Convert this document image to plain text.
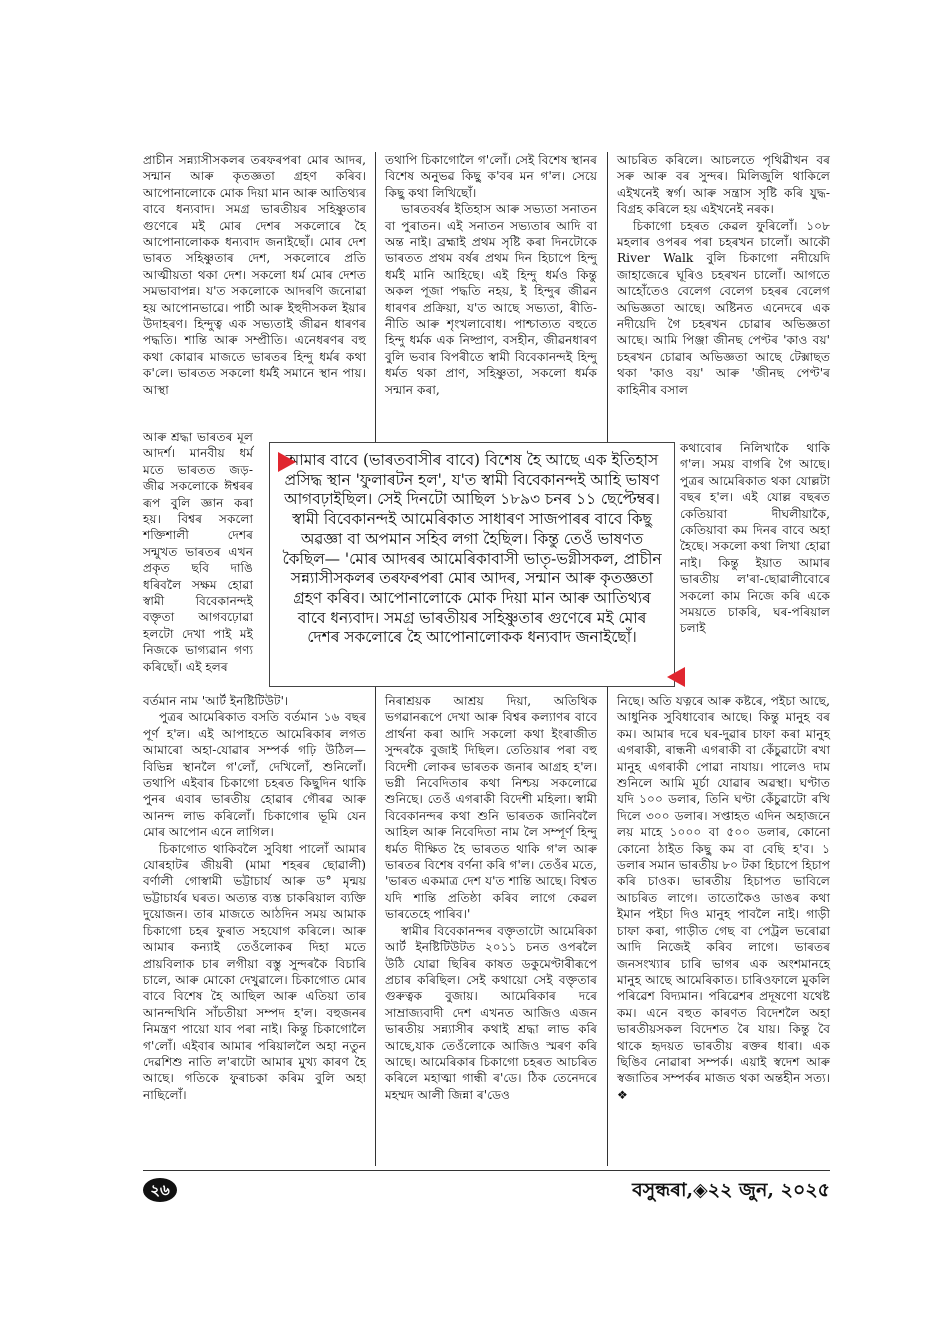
প্ৰাচীন সন্ন্যাসীসকলৰ তৰফৰপৰা মোৰ আদৰ, সন্মান আৰু কৃতজ্ঞতা গ্ৰহণ কৰিব। আপোনালোকে মোক দিয়া মান আৰু আতিথ্যৰ বাবে ধন্যবাদ। সমগ্ৰ ভাৰতীয়ৰ সহিষ্ণুতাৰ গুণেৰে মই মোৰ দেশৰ সকলোৰে হৈ আপোনালোকক ধন্যবাদ জনাইছোঁ। মোৰ দেশ ভাৰত সহিষ্ণুতাৰ দেশ, সকলোৰে প্ৰতি আত্মীয়তা থকা দেশ। সকলো ধৰ্ম মোৰ দেশত সমভাবাপন্ন। য'ত সকলোকে আদৰণি জনোৱা হয় আপোনভাৱে। পাৰ্চী আৰু ইহুদীসকল ইয়াৰ উদাহৰণ। হিন্দুত্ব এক সভ্যতাই জীৱন ধাৰণৰ পদ্ধতি। শান্তি আৰু সম্প্ৰীতি। এনেধৰণৰ বহু কথা কোৱাৰ মাজতে ভাৰতৰ হিন্দু ধৰ্মৰ কথা ক'লে। ভাৰতত সকলো ধৰ্মই সমানে স্থান পায়। আস্থা

আৰু শ্ৰদ্ধা ভাৰতৰ মূল আদৰ্শ। মানবীয় ধৰ্ম মতে ভাৰতত জড়-জীৱ সকলোকে ঈশ্বৰৰ ৰূপ বুলি জ্ঞান কৰা হয়। বিশ্বৰ সকলো শক্তিশালী দেশৰ সন্মুখত ভাৰতৰ এখন প্ৰকৃত ছবি দাঙি ধৰিবলৈ সক্ষম হোৱা স্বামী বিবেকানন্দই বক্তৃতা আগবঢ়োৱা হলটো দেখা পাই মই নিজকে ভাগ্যৱান গণ্য কৰিছোঁ। এই হলৰ

বৰ্তমান নাম 'আৰ্ট ইনষ্টিটিউট'।

পুত্ৰৰ আমেৰিকাত বসতি বৰ্তমান ১৬ বছৰ পূৰ্ণ হ'ল। এই আপাহতে আমেৰিকাৰ লগত আমাৰো অহা-যোৱাৰ সম্পৰ্ক গঢ়ি উঠিল— বিভিন্ন স্থানলৈ গ'লোঁ, দেখিলোঁ, শুনিলোঁ। তথাপি এইবাৰ চিকাগো চহৰত কিছুদিন থাকি পুনৰ এবাৰ ভাৰতীয় হোৱাৰ গৌৰৱ আৰু আনন্দ লাভ কৰিলোঁ। চিকাগোৰ ভূমি যেন মোৰ আপোন এনে লাগিল।

চিকাগোত থাকিবলৈ সুবিধা পালোঁ আমাৰ যোৰহাটৰ জীয়ৰী (মামা শহৰৰ ছোৱালী) বৰ্ণালী গোস্বামী ভট্টাচাৰ্য আৰু ড° মৃন্ময় ভট্টাচাৰ্যৰ ঘৰত। অত্যন্ত ব্যস্ত চাকৰিয়াল ব্যক্তি দুয়োজন। তাৰ মাজতে আঠদিন সময় আমাক চিকাগো চহৰ ফুৰাত সহযোগ কৰিলে। আৰু আমাৰ কন্যাই তেওঁলোকৰ দিহা মতে প্ৰায়বিলাক চাৰ লগীয়া বস্তু সুন্দৰকৈ বিচাৰি চালে, আৰু মোকো দেখুৱালে। চিকাগোত মোৰ বাবে বিশেষ হৈ আছিল আৰু এতিয়া তাৰ আনন্দখিনি সাঁচতীয়া সম্পদ হ'ল। বহুজনৰ নিমন্ত্ৰণ পায়ো যাব পৰা নাই। কিন্তু চিকাগোলৈ গ'লোঁ। এইবাৰ আমাৰ পৰিয়াললৈ অহা নতুন দেৱশিশু নাতি ল'ৰাটো আমাৰ মুখ্য কাৰণ হৈ আছে। গতিকে ফুৰাচকা কৰিম বুলি অহা নাছিলোঁ।

তথাপি চিকাগোলৈ গ'লোঁ। সেই বিশেষ স্থানৰ বিশেষ অনুভৱ কিছু ক'বৰ মন গ'ল। সেয়ে কিছু কথা লিখিছোঁ।

ভাৰতবৰ্ষৰ ইতিহাস আৰু সভ্যতা সনাতন বা পুৰাতন। এই সনাতন সভ্যতাৰ আদি বা অন্ত নাই। ব্ৰহ্মাই প্ৰথম সৃষ্টি কৰা দিনটোকে ভাৰতত প্ৰথম বৰ্ষৰ প্ৰথম দিন হিচাপে হিন্দু ধৰ্মই মানি আহিছে। এই হিন্দু ধৰ্মও কিন্তু অকল পূজা পদ্ধতি নহয়, ই হিন্দুৰ জীৱন ধাৰণৰ প্ৰক্ৰিয়া, য'ত আছে সভ্যতা, ৰীতি-নীতি আৰু শৃংখলাবোধ। পাশ্চাত্যত বহুতে হিন্দু ধৰ্মক এক নিষ্প্ৰাণ, বসহীন, জীৱনধাৰণ বুলি ভবাৰ বিপৰীতে স্বামী বিবেকানন্দই হিন্দু ধৰ্মত থকা প্ৰাণ, সহিষ্ণুতা, সকলো ধৰ্মক সন্মান কৰা,

নিৰাশ্ৰয়ক আশ্ৰয় দিয়া, অতিথিক ভগৱানৰূপে দেখা আৰু বিশ্বৰ কল্যাণৰ বাবে প্ৰাৰ্থনা কৰা আদি সকলো কথা ইংৰাজীত সুন্দৰকৈ বুজাই দিছিল। তেতিয়াৰ পৰা বহু বিদেশী লোকৰ ভাৰতক জনাৰ আগ্ৰহ হ'ল। ভগ্নী নিবেদিতাৰ কথা নিশ্চয় সকলোৱে শুনিছে। তেওঁ এগৰাকী বিদেশী মহিলা। স্বামী বিবেকানন্দৰ কথা শুনি ভাৰতক জানিবলৈ আহিল আৰু নিবেদিতা নাম লৈ সম্পূৰ্ণ হিন্দু ধৰ্মত দীক্ষিত হৈ ভাৰতত থাকি গ'ল আৰু ভাৰতৰ বিশেষ বৰ্ণনা কৰি গ'ল। তেওঁৰ মতে, 'ভাৰত একমাত্ৰ দেশ য'ত শান্তি আছে। বিশ্বত যদি শান্তি প্ৰতিষ্ঠা কৰিব লাগে কেৱল ভাৰতেহে পাৰিব।'

স্বামীৰ বিবেকানন্দৰ বক্তৃতাটো আমেৰিকা আৰ্ট ইনষ্টিটিউটত ২০১১ চনত ওপৰলৈ উঠি যোৱা ছিৰিৰ কাষত ডকুমেণ্টাৰীৰূপে প্ৰচাৰ কৰিছিল। সেই কথায়ো সেই বক্তৃতাৰ গুৰুত্বক বুজায়। আমেৰিকাৰ দৰে সাম্ৰাজ্যবাদী দেশ এখনত আজিও এজন ভাৰতীয় সন্ন্যাসীৰ কথাই শ্ৰদ্ধা লাভ কৰি আছে,যাক তেওঁলোকে আজিও স্মৰণ কৰি আছে। আমেৰিকাৰ চিকাগো চহৰত আচৰিত কৰিলে মহাত্মা গান্ধী ৰ'ডে। ঠিক তেনেদৰে মহম্মদ আলী জিন্না ৰ'ডেও

আচৰিত কৰিলে। আচলতে পৃথিৱীখন বৰ সৰু আৰু বৰ সুন্দৰ। মিলিজুলি থাকিলে এইখনেই স্বৰ্গ। আৰু সন্ত্ৰাস সৃষ্টি কৰি যুদ্ধ-বিগ্ৰহ কৰিলে হয় এইখনেই নৰক।

চিকাগো চহৰত কেৱল ফুৰিলোঁ। ১০৮ মহলাৰ ওপৰৰ পৰা চহৰখন চালোঁ। আকৌ River Walk বুলি চিকাগো নদীয়েদি জাহাজেৰে ঘূৰিও চহৰখন চালোঁ। আগতে আহোঁতেও বেলেগ বেলেগ চহৰৰ বেলেগ অভিজ্ঞতা আছে। অষ্টিনত এনেদৰে এক নদীয়েদি গৈ চহৰখন চোৱাৰ অভিজ্ঞতা আছে। আমি পিঞ্জা জীনছ পেণ্টৰ 'কাও বয়' চহৰখন চোৱাৰ অভিজ্ঞতা আছে টেক্সাছত থকা 'কাও বয়' আৰু 'জীনছ পেণ্ট'ৰ কাহিনীৰ বসাল

কথাবোৰ নিলিখাকৈ থাকি গ'ল। সময় বাগৰি গৈ আছে। পুত্ৰৰ আমেৰিকাত থকা যোল্লটা বছৰ হ'ল। এই যোল্ল বছৰত কেতিয়াবা দীঘলীয়াকৈ, কেতিয়াবা কম দিনৰ বাবে অহা হৈছে। সকলো কথা লিখা হোৱা নাই। কিন্তু ইয়াত আমাৰ ভাৰতীয় ল'ৰা-ছোৱালীবোৰে সকলো কাম নিজে কৰি একে সময়তে চাকৰি, ঘৰ-পৰিয়াল চলাই

নিছে। অতি যত্নৰে আৰু কষ্টৰে, পইচা আছে, আধুনিক সুবিধাবোৰ আছে। কিন্তু মানুহ বৰ কম। আমাৰ দৰে ঘৰ-দুৱাৰ চাফা কৰা মানুহ এগৰাকী, ৰান্ধনী এগৰাকী বা কেঁচুৱাটো ৰখা মানুহ এগৰাকী পোৱা নাযায়। পালেও দাম শুনিলে আমি মূৰ্চা যোৱাৰ অৱস্থা। ঘণ্টাত যদি ১০০ ডলাৰ, তিনি ঘণ্টা কেঁচুৱাটো ৰখি দিলে ৩০০ ডলাৰ। সপ্তাহত এদিন অহাজনে লয় মাহে ১০০০ বা ৫০০ ডলাৰ, কোনো কোনো ঠাইত কিছু কম বা বেছি হ'ব। ১ ডলাৰ সমান ভাৰতীয় ৮০ টকা হিচাপে হিচাপ কৰি চাওক। ভাৰতীয় হিচাপত ভাবিলে আচৰিত লাগে। তাতোকৈও ডাঙৰ কথা ইমান পইচা দিও মানুহ পাবলৈ নাই। গাড়ী চাফা কৰা, গাড়ীত গেছ বা পেট্ৰল ভৰোৱা আদি নিজেই কৰিব লাগে। ভাৰতৰ জনসংখ্যাৰ চাৰি ভাগৰ এক অংশমানহে মানুহ আছে আমেৰিকাত। চাৰিওফালে মুকলি পৰিৱেশ বিদ্যমান। পৰিৱেশৰ প্ৰদূষণো যথেষ্ট কম। এনে বহুত কাৰণত বিদেশলৈ অহা ভাৰতীয়সকল বিদেশত ৰৈ যায়। কিন্তু বৈ থাকে হৃদয়ত ভাৰতীয় ৰক্তৰ ধাৰা। এক ছিঙিব নোৱাৰা সম্পৰ্ক। এয়াই স্বদেশ আৰু স্বজাতিৰ সম্পৰ্কৰ মাজত থকা অন্তহীন সত্য। ❖

আমাৰ বাবে (ভাৰতবাসীৰ বাবে) বিশেষ হৈ আছে এক ইতিহাস প্ৰসিদ্ধ স্থান 'ফুলাৰটন হল', য'ত স্বামী বিবেকানন্দই আহি ভাষণ আগবঢ়াইছিল। সেই দিনটো আছিল ১৮৯৩ চনৰ ১১ ছেপ্টেম্বৰ। স্বামী বিবেকানন্দই আমেৰিকাত সাধাৰণ সাজপাৰৰ বাবে কিছু অৱজ্ঞা বা অপমান সহিব লগা হৈছিল। কিন্তু তেওঁ ভাষণত কৈছিল— 'মোৰ আদৰৰ আমেৰিকাবাসী ভাতৃ-ভগ্নীসকল, প্ৰাচীন সন্ন্যাসীসকলৰ তৰফৰপৰা মোৰ আদৰ, সন্মান আৰু কৃতজ্ঞতা গ্ৰহণ কৰিব। আপোনালোকে মোক দিয়া মান আৰু আতিথ্যৰ বাবে ধন্যবাদ। সমগ্ৰ ভাৰতীয়ৰ সহিষ্ণুতাৰ গুণেৰে মই মোৰ দেশৰ সকলোৰে হৈ আপোনালোকক ধন্যবাদ জনাইছোঁ।
২৬	বসুন্ধৰা,◈২২ জুন, ২০২৫
